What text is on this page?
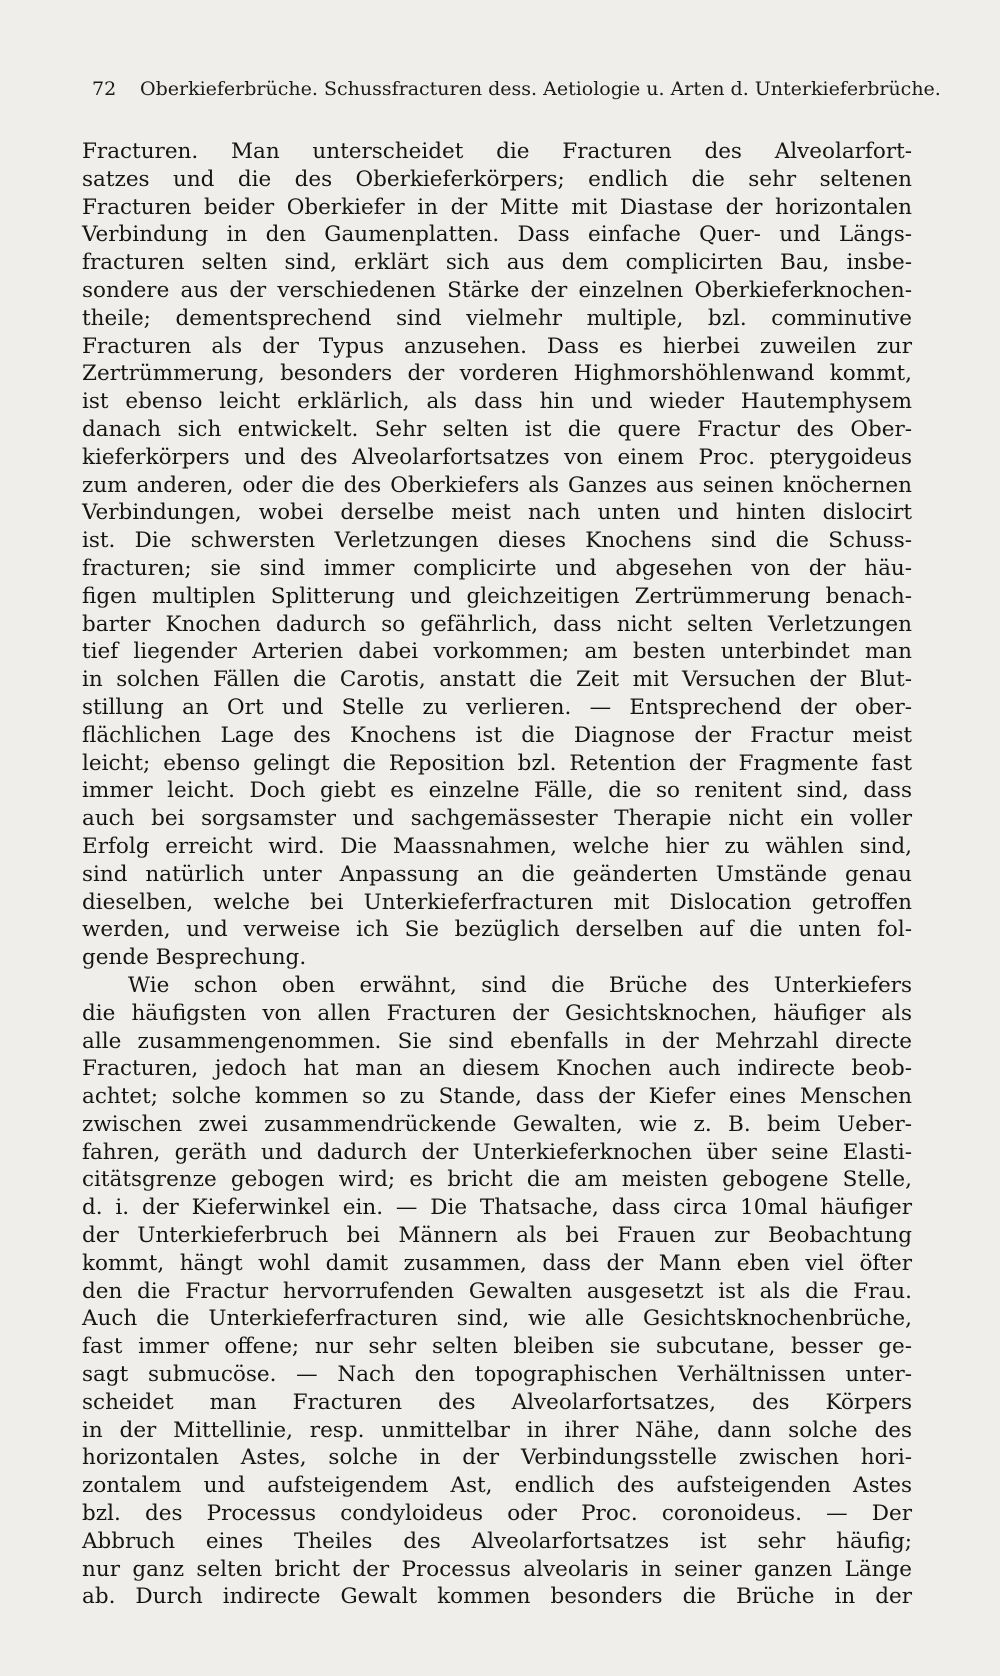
72 Oberkieferbrüche. Schussfracturen dess. Aetiologie u. Arten d. Unterkieferbrüche.
Fracturen. Man unterscheidet die Fracturen des Alveolarfort-
satzes und die des Oberkieferkörpers; endlich die sehr seltenen
Fracturen beider Oberkiefer in der Mitte mit Diastase der horizontalen
Verbindung in den Gaumenplatten. Dass einfache Quer- und Längs-
fracturen selten sind, erklärt sich aus dem complicirten Bau, insbe-
sondere aus der verschiedenen Stärke der einzelnen Oberkieferknochen-
theile; dementsprechend sind vielmehr multiple, bzl. comminutive
Fracturen als der Typus anzusehen. Dass es hierbei zuweilen zur
Zertrümmerung, besonders der vorderen Highmorshöhlenwand kommt,
ist ebenso leicht erklärlich, als dass hin und wieder Hautemphysem
danach sich entwickelt. Sehr selten ist die quere Fractur des Ober-
kieferkörpers und des Alveolarfortsatzes von einem Proc. pterygoideus
zum anderen, oder die des Oberkiefers als Ganzes aus seinen knöchernen
Verbindungen, wobei derselbe meist nach unten und hinten dislocirt
ist. Die schwersten Verletzungen dieses Knochens sind die Schuss-
fracturen; sie sind immer complicirte und abgesehen von der häu-
figen multiplen Splitterung und gleichzeitigen Zertrümmerung benach-
barter Knochen dadurch so gefährlich, dass nicht selten Verletzungen
tief liegender Arterien dabei vorkommen; am besten unterbindet man
in solchen Fällen die Carotis, anstatt die Zeit mit Versuchen der Blut-
stillung an Ort und Stelle zu verlieren. — Entsprechend der ober-
flächlichen Lage des Knochens ist die Diagnose der Fractur meist
leicht; ebenso gelingt die Reposition bzl. Retention der Fragmente fast
immer leicht. Doch giebt es einzelne Fälle, die so renitent sind, dass
auch bei sorgsamster und sachgemässester Therapie nicht ein voller
Erfolg erreicht wird. Die Maassnahmen, welche hier zu wählen sind,
sind natürlich unter Anpassung an die geänderten Umstände genau
dieselben, welche bei Unterkieferfracturen mit Dislocation getroffen
werden, und verweise ich Sie bezüglich derselben auf die unten fol-
gende Besprechung.
Wie schon oben erwähnt, sind die Brüche des Unterkiefers
die häufigsten von allen Fracturen der Gesichtsknochen, häufiger als
alle zusammengenommen. Sie sind ebenfalls in der Mehrzahl directe
Fracturen, jedoch hat man an diesem Knochen auch indirecte beob-
achtet; solche kommen so zu Stande, dass der Kiefer eines Menschen
zwischen zwei zusammendrückende Gewalten, wie z. B. beim Ueber-
fahren, geräth und dadurch der Unterkieferknochen über seine Elasti-
citätsgrenze gebogen wird; es bricht die am meisten gebogene Stelle,
d. i. der Kieferwinkel ein. — Die Thatsache, dass circa 10mal häufiger
der Unterkieferbruch bei Männern als bei Frauen zur Beobachtung
kommt, hängt wohl damit zusammen, dass der Mann eben viel öfter
den die Fractur hervorrufenden Gewalten ausgesetzt ist als die Frau.
Auch die Unterkieferfracturen sind, wie alle Gesichtsknochenbrüche,
fast immer offene; nur sehr selten bleiben sie subcutane, besser ge-
sagt submucöse. — Nach den topographischen Verhältnissen unter-
scheidet man Fracturen des Alveolarfortsatzes, des Körpers
in der Mittellinie, resp. unmittelbar in ihrer Nähe, dann solche des
horizontalen Astes, solche in der Verbindungsstelle zwischen hori-
zontalem und aufsteigendem Ast, endlich des aufsteigenden Astes
bzl. des Processus condyloideus oder Proc. coronoideus. — Der
Abbruch eines Theiles des Alveolarfortsatzes ist sehr häufig;
nur ganz selten bricht der Processus alveolaris in seiner ganzen Länge
ab. Durch indirecte Gewalt kommen besonders die Brüche in der
